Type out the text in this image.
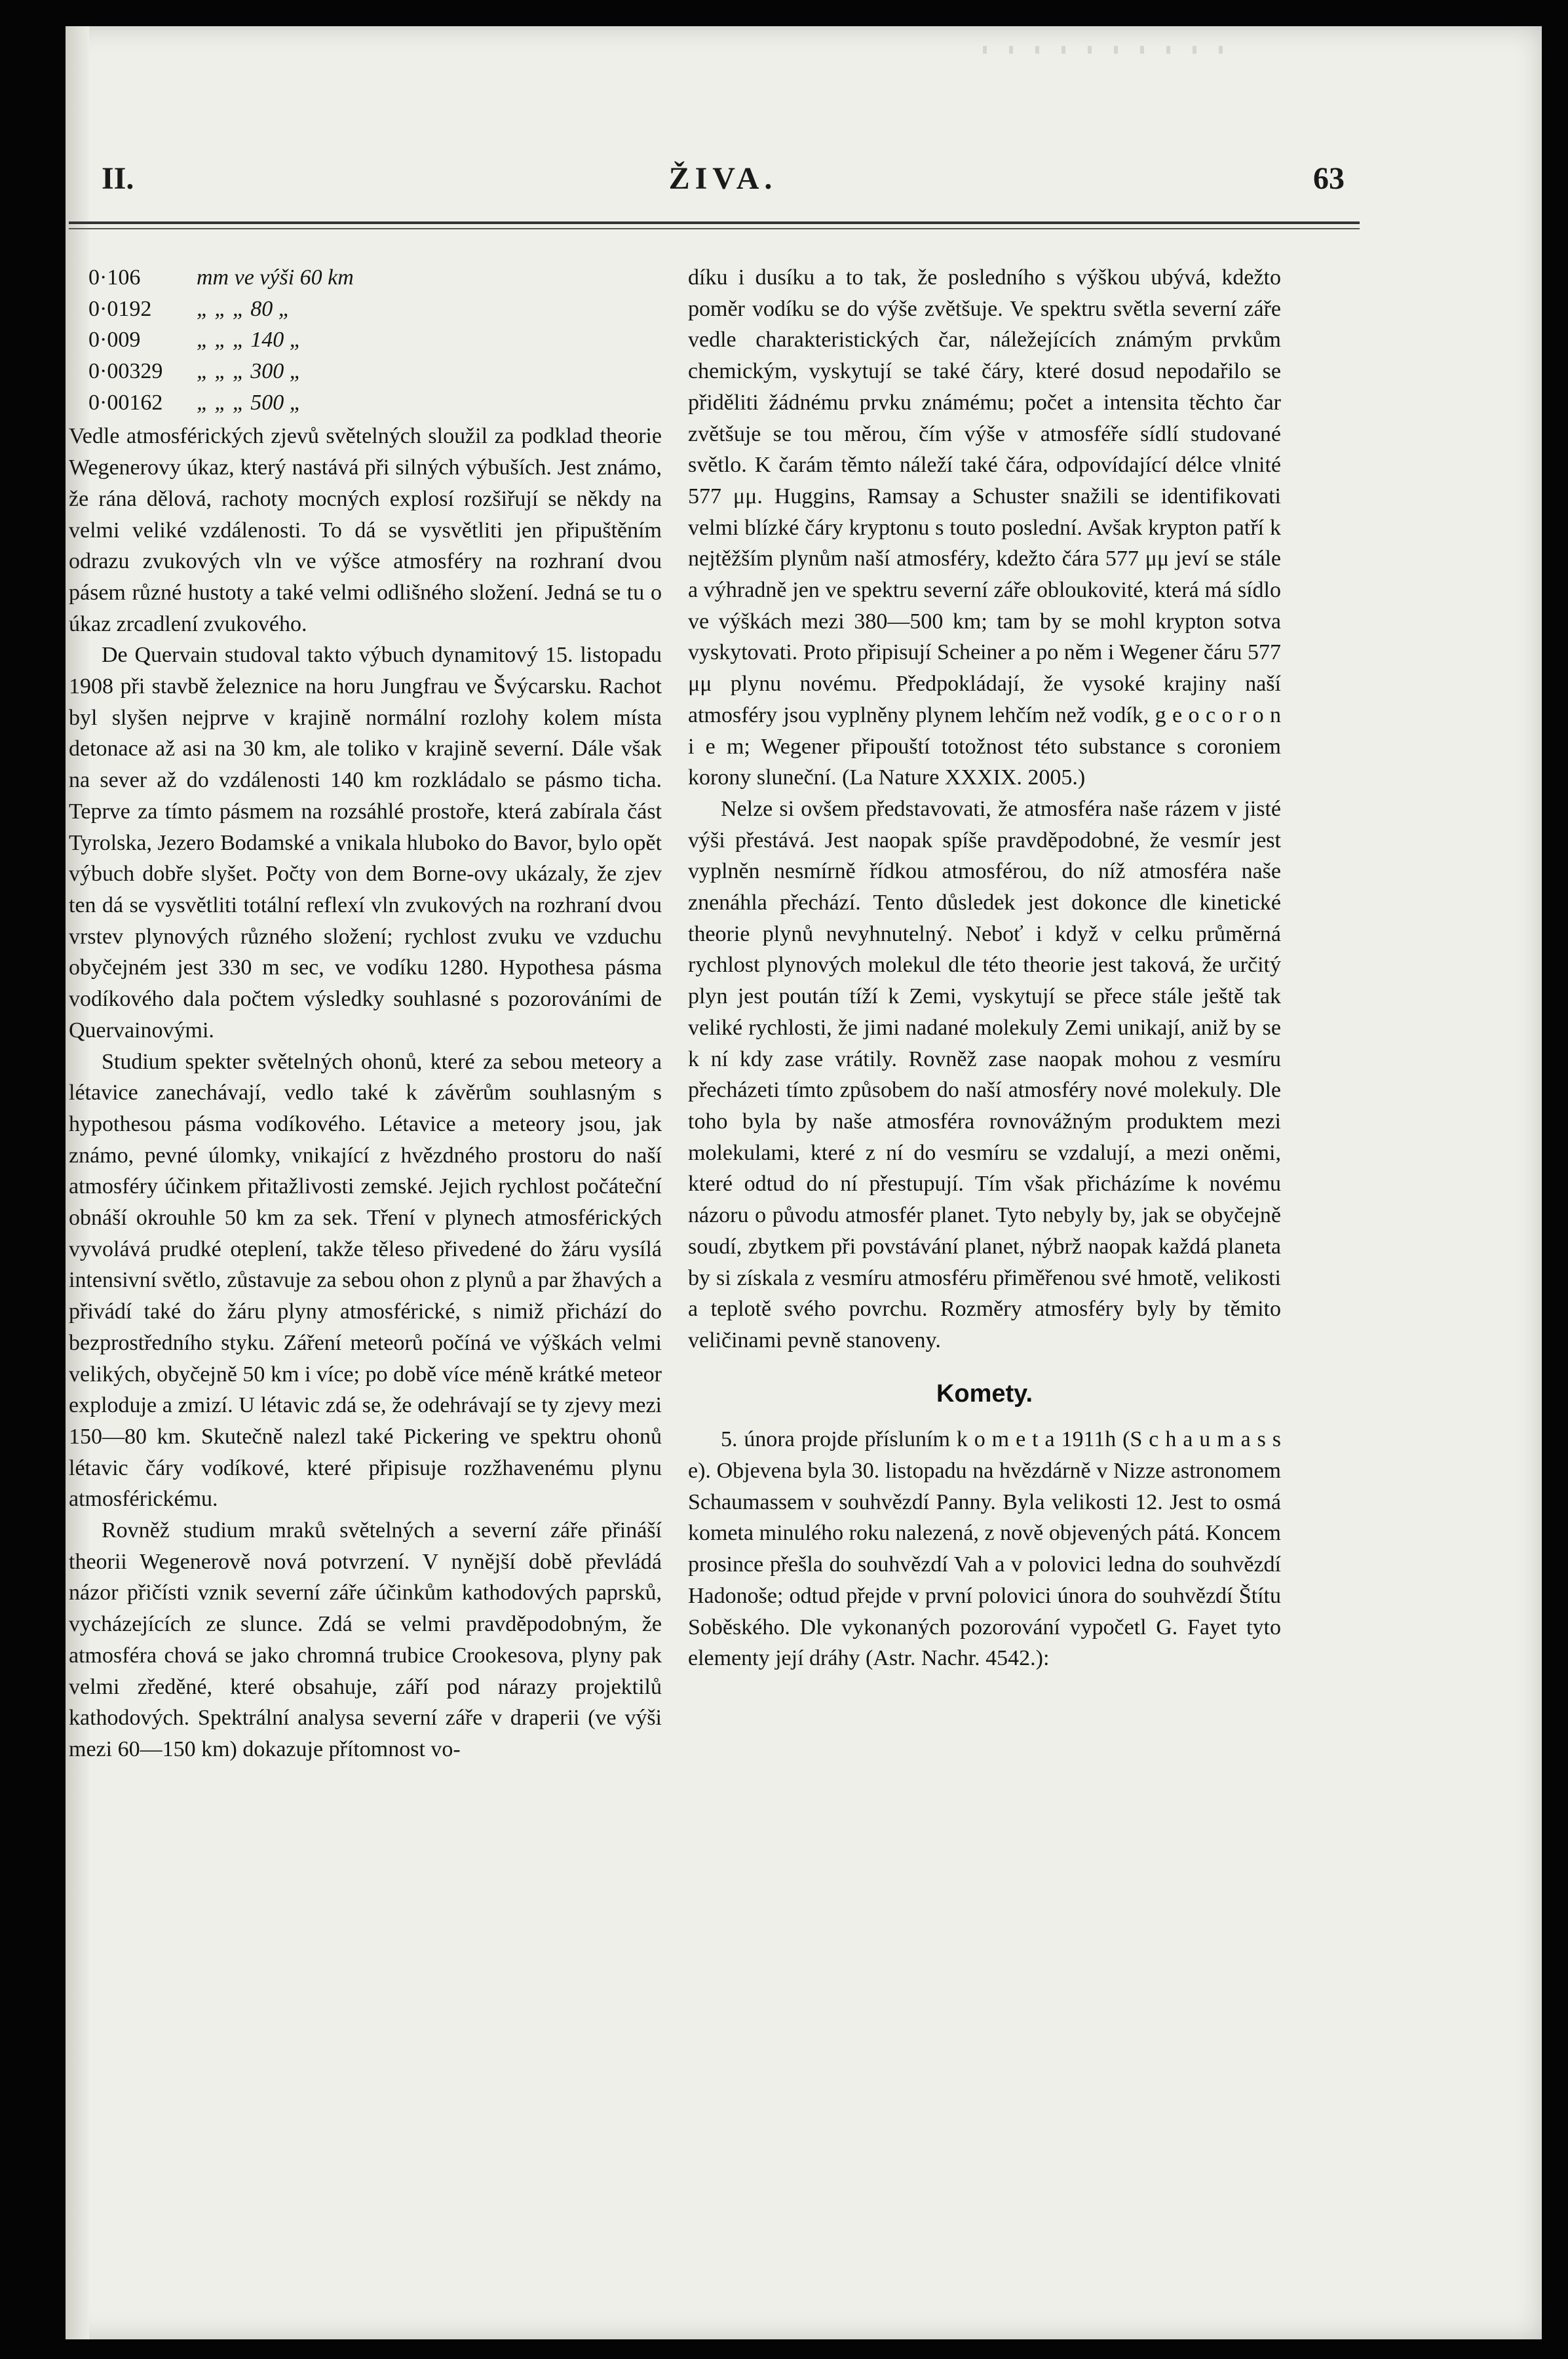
II.	ŽIVA.	63
0·106	mm ve výši 60 km
0·0192	„ „ „ 80 „
0·009	„ „ „ 140 „
0·00329	„ „ „ 300 „
0·00162	„ „ „ 500 „

Vedle atmosférických zjevů světelných sloužil za podklad theorie Wegenerovy úkaz, který nastává při silných výbuších. Jest známo, že rána dělová, rachoty mocných explosí rozšiřují se někdy na velmi veliké vzdálenosti. To dá se vysvětliti jen připuštěním odrazu zvukových vln ve výšce atmosféry na rozhraní dvou pásem různé hustoty a také velmi odlišného složení. Jedná se tu o úkaz zrcadlení zvukového.

De Quervain studoval takto výbuch dynamitový 15. listopadu 1908 při stavbě železnice na horu Jungfrau ve Švýcarsku. Rachot byl slyšen nejprve v krajině normální rozlohy kolem místa detonace až asi na 30 km, ale toliko v krajině severní. Dále však na sever až do vzdálenosti 140 km rozkládalo se pásmo ticha. Teprve za tímto pásmem na rozsáhlé prostoře, která zabírala část Tyrolska, Jezero Bodamské a vnikala hluboko do Bavor, bylo opět výbuch dobře slyšet. Počty von dem Borne-ovy ukázaly, že zjev ten dá se vysvětliti totální reflexí vln zvukových na rozhraní dvou vrstev plynových různého složení; rychlost zvuku ve vzduchu obyčejném jest 330 m sec, ve vodíku 1280. Hypothesa pásma vodíkového dala počtem výsledky souhlasné s pozorováními de Quervainovými.

Studium spekter světelných ohonů, které za sebou meteory a létavice zanechávají, vedlo také k závěrům souhlasným s hypothesou pásma vodíkového. Létavice a meteory jsou, jak známo, pevné úlomky, vnikající z hvězdného prostoru do naší atmosféry účinkem přitažlivosti zemské. Jejich rychlost počáteční obnáší okrouhle 50 km za sek. Tření v plynech atmosférických vyvolává prudké oteplení, takže těleso přivedené do žáru vysílá intensivní světlo, zůstavuje za sebou ohon z plynů a par žhavých a přivádí také do žáru plyny atmosférické, s nimiž přichází do bezprostředního styku. Záření meteorů počíná ve výškách velmi velikých, obyčejně 50 km i více; po době více méně krátké meteor exploduje a zmizí. U létavic zdá se, že odehrávají se ty zjevy mezi 150—80 km. Skutečně nalezl také Pickering ve spektru ohonů létavic čáry vodíkové, které připisuje rozžhavenému plynu atmosférickému.

Rovněž studium mraků světelných a severní záře přináší theorii Wegenerově nová potvrzení. V nynější době převládá názor přičísti vznik severní záře účinkům kathodových paprsků, vycházejících ze slunce. Zdá se velmi pravděpodobným, že atmosféra chová se jako chromná trubice Crookesova, plyny pak velmi zředěné, které obsahuje, září pod nárazy projektilů kathodových. Spektrální analysa severní záře v draperii (ve výši mezi 60—150 km) dokazuje přítomnost vo-

díku i dusíku a to tak, že posledního s výškou ubývá, kdežto poměr vodíku se do výše zvětšuje. Ve spektru světla severní záře vedle charakteristických čar, náležejících známým prvkům chemickým, vyskytují se také čáry, které dosud nepodařilo se přiděliti žádnému prvku známému; počet a intensita těchto čar zvětšuje se tou měrou, čím výše v atmosféře sídlí studované světlo. K čarám těmto náleží také čára, odpovídající délce vlnité 577 μμ. Huggins, Ramsay a Schuster snažili se identifikovati velmi blízké čáry kryptonu s touto poslední. Avšak krypton patří k nejtěžším plynům naší atmosféry, kdežto čára 577 μμ jeví se stále a výhradně jen ve spektru severní záře obloukovité, která má sídlo ve výškách mezi 380—500 km; tam by se mohl krypton sotva vyskytovati. Proto připisují Scheiner a po něm i Wegener čáru 577 μμ plynu novému. Předpokládají, že vysoké krajiny naší atmosféry jsou vyplněny plynem lehčím než vodík, g e o c o r o n i e m; Wegener připouští totožnost této substance s coroniem korony sluneční. (La Nature XXXIX. 2005.)

Nelze si ovšem představovati, že atmosféra naše rázem v jisté výši přestává. Jest naopak spíše pravděpodobné, že vesmír jest vyplněn nesmírně řídkou atmosférou, do níž atmosféra naše znenáhla přechází. Tento důsledek jest dokonce dle kinetické theorie plynů nevyhnutelný. Neboť i když v celku průměrná rychlost plynových molekul dle této theorie jest taková, že určitý plyn jest poután tíží k Zemi, vyskytují se přece stále ještě tak veliké rychlosti, že jimi nadané molekuly Zemi unikají, aniž by se k ní kdy zase vrátily. Rovněž zase naopak mohou z vesmíru přecházeti tímto způsobem do naší atmosféry nové molekuly. Dle toho byla by naše atmosféra rovnovážným produktem mezi molekulami, které z ní do vesmíru se vzdalují, a mezi oněmi, které odtud do ní přestupují. Tím však přicházíme k novému názoru o původu atmosfér planet. Tyto nebyly by, jak se obyčejně soudí, zbytkem při povstávání planet, nýbrž naopak každá planeta by si získala z vesmíru atmosféru přiměřenou své hmotě, velikosti a teplotě svého povrchu. Rozměry atmosféry byly by těmito veličinami pevně stanoveny.

Komety.

5. února projde přísluním k o m e t a 1911h (S c h a u m a s s e). Objevena byla 30. listopadu na hvězdárně v Nizze astronomem Schaumassem v souhvězdí Panny. Byla velikosti 12. Jest to osmá kometa minulého roku nalezená, z nově objevených pátá. Koncem prosince přešla do souhvězdí Vah a v polovici ledna do souhvězdí Hadonoše; odtud přejde v první polovici února do souhvězdí Štítu Soběského. Dle vykonaných pozorování vypočetl G. Fayet tyto elementy její dráhy (Astr. Nachr. 4542.):
